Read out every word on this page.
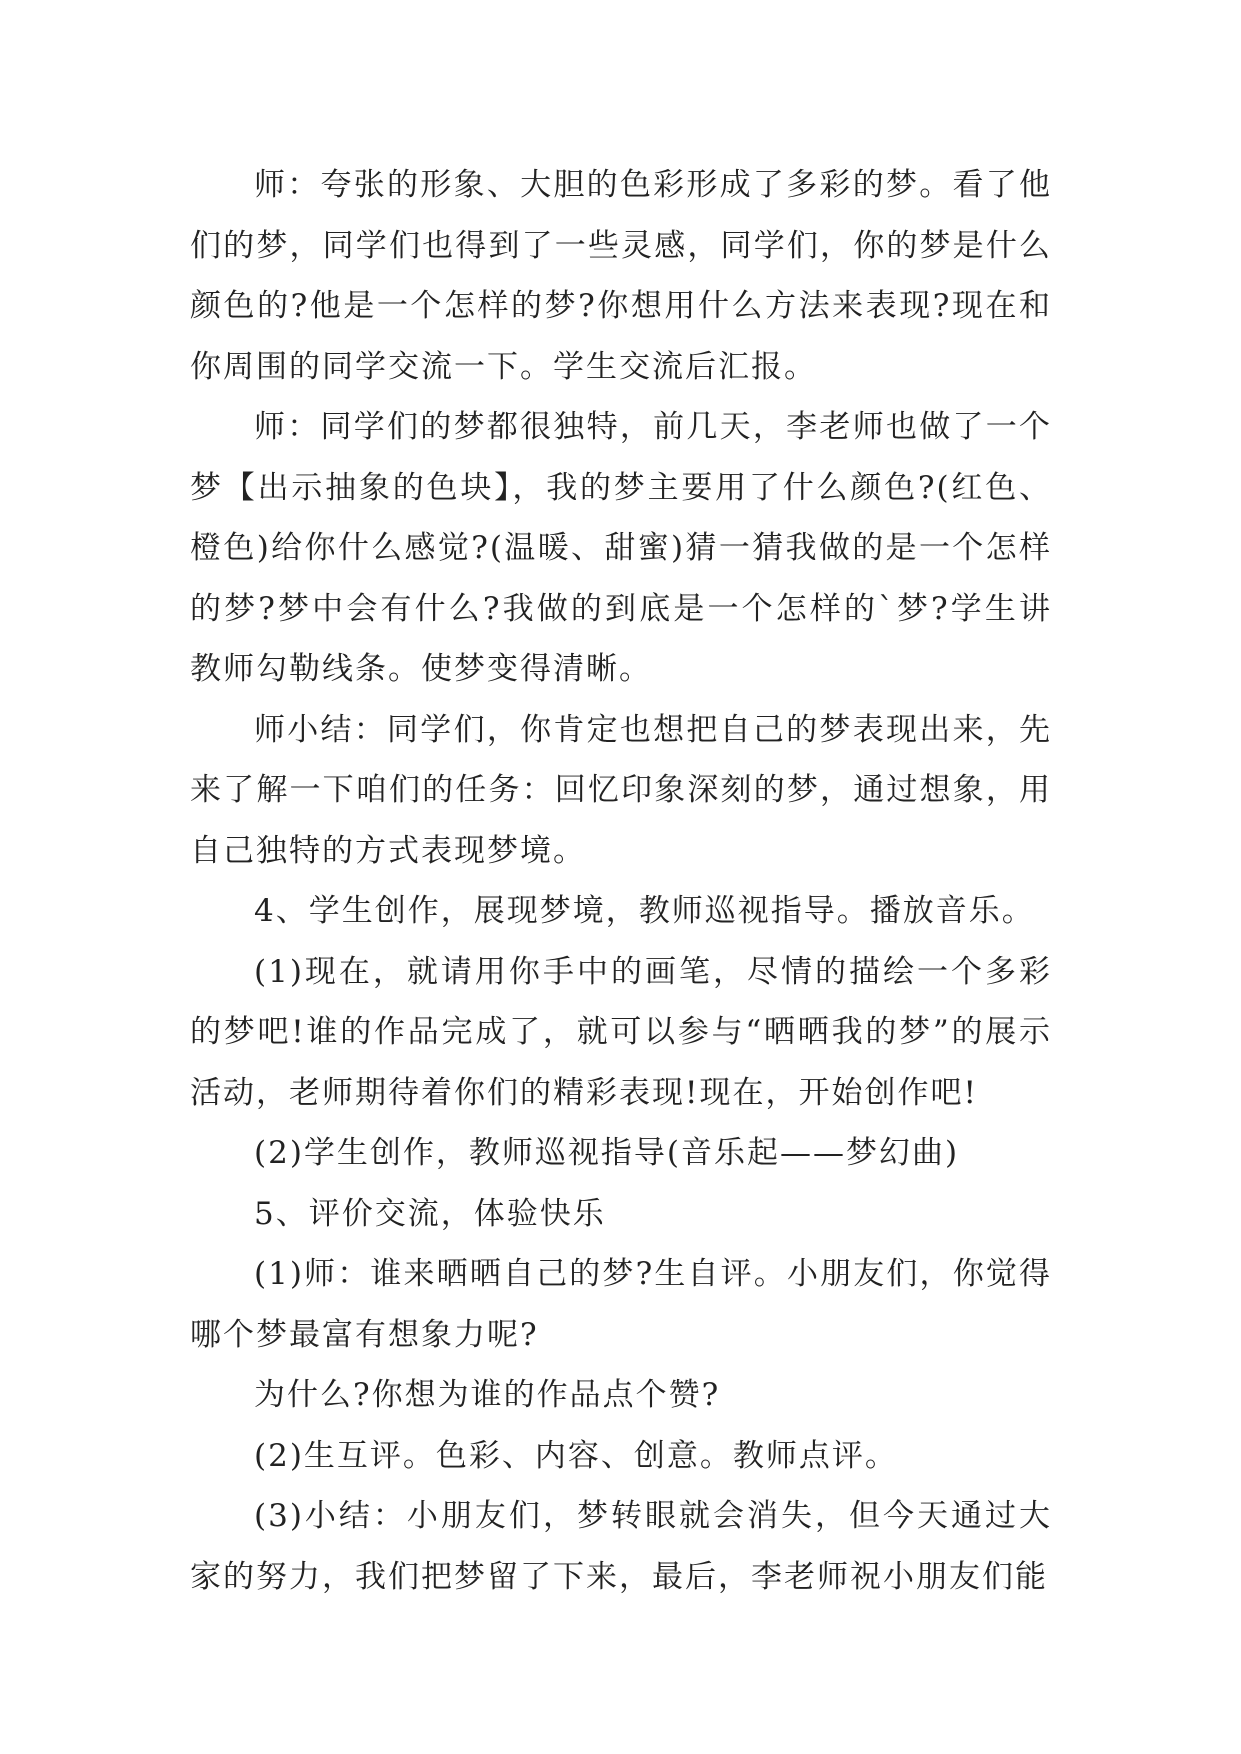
师：夸张的形象、大胆的色彩形成了多彩的梦。看了他们的梦，同学们也得到了一些灵感，同学们，你的梦是什么颜色的?他是一个怎样的梦?你想用什么方法来表现?现在和你周围的同学交流一下。学生交流后汇报。

师：同学们的梦都很独特，前几天，李老师也做了一个梦【出示抽象的色块】，我的梦主要用了什么颜色?(红色、橙色)给你什么感觉?(温暖、甜蜜)猜一猜我做的是一个怎样的梦?梦中会有什么?我做的到底是一个怎样的`梦?学生讲教师勾勒线条。使梦变得清晰。

师小结：同学们，你肯定也想把自己的梦表现出来，先来了解一下咱们的任务：回忆印象深刻的梦，通过想象，用自己独特的方式表现梦境。

4、学生创作，展现梦境，教师巡视指导。播放音乐。

(1)现在，就请用你手中的画笔，尽情的描绘一个多彩的梦吧!谁的作品完成了，就可以参与“晒晒我的梦”的展示活动，老师期待着你们的精彩表现!现在，开始创作吧!

(2)学生创作，教师巡视指导(音乐起——梦幻曲)

5、评价交流，体验快乐

(1)师：谁来晒晒自己的梦?生自评。小朋友们，你觉得哪个梦最富有想象力呢?

为什么?你想为谁的作品点个赞?

(2)生互评。色彩、内容、创意。教师点评。

(3)小结：小朋友们，梦转眼就会消失，但今天通过大家的努力，我们把梦留了下来，最后，李老师祝小朋友们能
